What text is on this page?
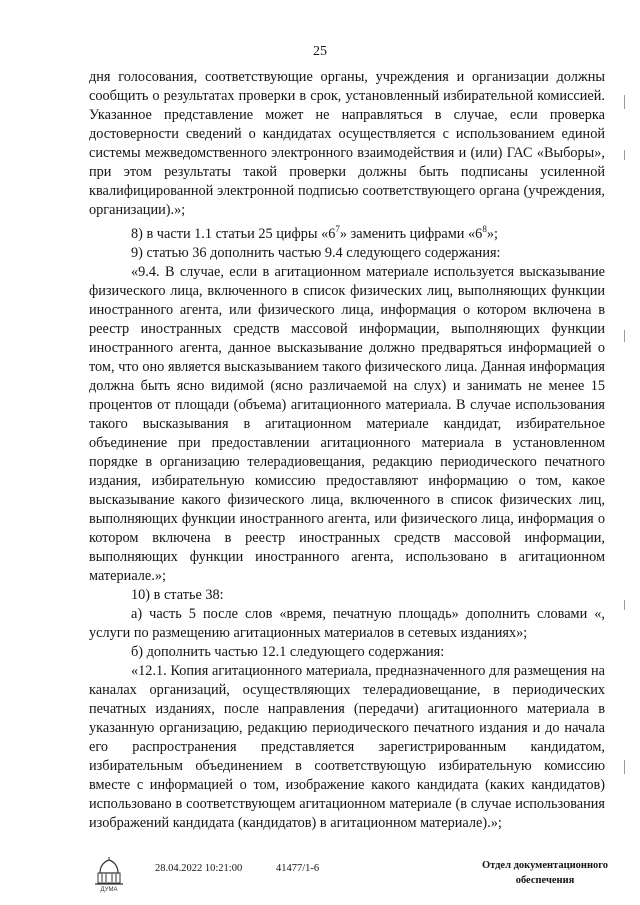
25

дня голосования, соответствующие органы, учреждения и организации должны сообщить о результатах проверки в срок, установленный избирательной комиссией. Указанное представление может не направляться в случае, если проверка достоверности сведений о кандидатах осуществляется с использованием единой системы межведомственного электронного взаимодействия и (или) ГАС «Выборы», при этом результаты такой проверки должны быть подписаны усиленной квалифицированной электронной подписью соответствующего органа (учреждения, организации).»;

8) в части 1.1 статьи 25 цифры «$6^7$» заменить цифрами «$6^8$»;

9) статью 36 дополнить частью 9.4 следующего содержания:

«9.4. В случае, если в агитационном материале используется высказывание физического лица, включенного в список физических лиц, выполняющих функции иностранного агента, или физического лица, информация о котором включена в реестр иностранных средств массовой информации, выполняющих функции иностранного агента, данное высказывание должно предваряться информацией о том, что оно является высказыванием такого физического лица. Данная информация должна быть ясно видимой (ясно различаемой на слух) и занимать не менее 15 процентов от площади (объема) агитационного материала. В случае использования такого высказывания в агитационном материале кандидат, избирательное объединение при предоставлении агитационного материала в установленном порядке в организацию телерадиовещания, редакцию периодического печатного издания, избирательную комиссию предоставляют информацию о том, какое высказывание какого физического лица, включенного в список физических лиц, выполняющих функции иностранного агента, или физического лица, информация о котором включена в реестр иностранных средств массовой информации, выполняющих функции иностранного агента, использовано в агитационном материале.»;

10) в статье 38:

а) часть 5 после слов «время, печатную площадь» дополнить словами «, услуги по размещению агитационных материалов в сетевых изданиях»;

б) дополнить частью 12.1 следующего содержания:

«12.1. Копия агитационного материала, предназначенного для размещения на каналах организаций, осуществляющих телерадиовещание, в периодических печатных изданиях, после направления (передачи) агитационного материала в указанную организацию, редакцию периодического печатного издания и до начала его распространения представляется зарегистрированным кандидатом, избирательным объединением в соответствующую избирательную комиссию вместе с информацией о том, изображение какого кандидата (каких кандидатов) использовано в соответствующем агитационном материале (в случае использования изображений кандидата (кандидатов) в агитационном материале).»;

ДУМА
28.04.2022 10:21:00	41477/1-6	Отдел документационного
обеспечения
